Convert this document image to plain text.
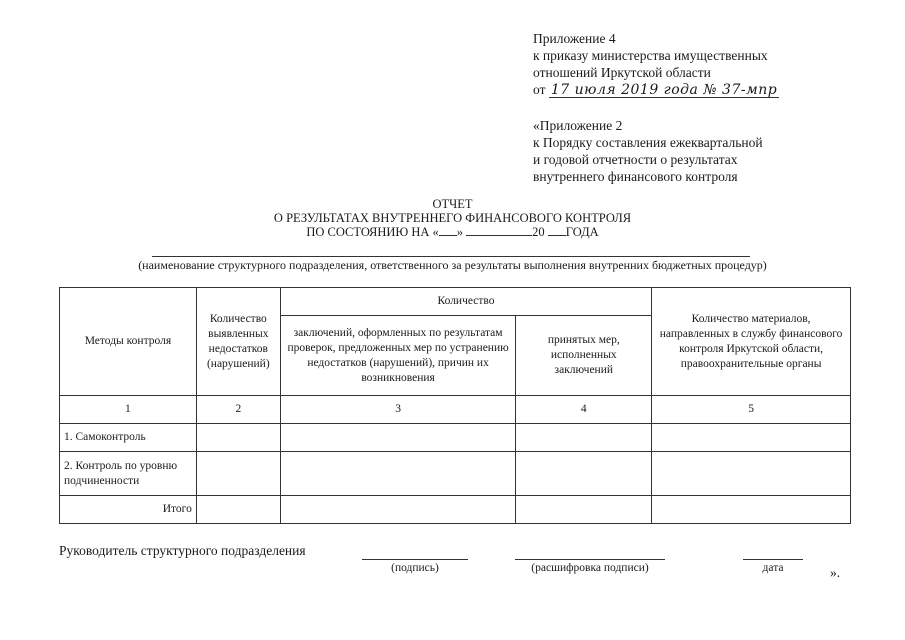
Приложение 4
к приказу министерства имущественных
отношений Иркутской области
от 17 июля 2019 года № 37-мпр
«Приложение 2
к Порядку составления ежеквартальной
и годовой отчетности о результатах
внутреннего финансового контроля
ОТЧЕТ
О РЕЗУЛЬТАТАХ ВНУТРЕННЕГО ФИНАНСОВОГО КОНТРОЛЯ
ПО СОСТОЯНИЮ НА « »	20 ГОДА
(наименование структурного подразделения, ответственного за результаты выполнения внутренних бюджетных процедур)
Методы контроля	Количество выявленных недостатков (нарушений)	Количество		Количество материалов, направленных в службу финансового контроля Иркутской области, правоохранительные органы
		заключений, оформленных по результатам проверок, предложенных мер по устранению недостатков (нарушений), причин их возникновения	принятых мер, исполненных заключений	
1	2	3	4	5
1. Самоконтроль				
2. Контроль по уровню подчиненности				
Итого				
Руководитель структурного подразделения
(подпись)	(расшифровка подписи)	дата	».
